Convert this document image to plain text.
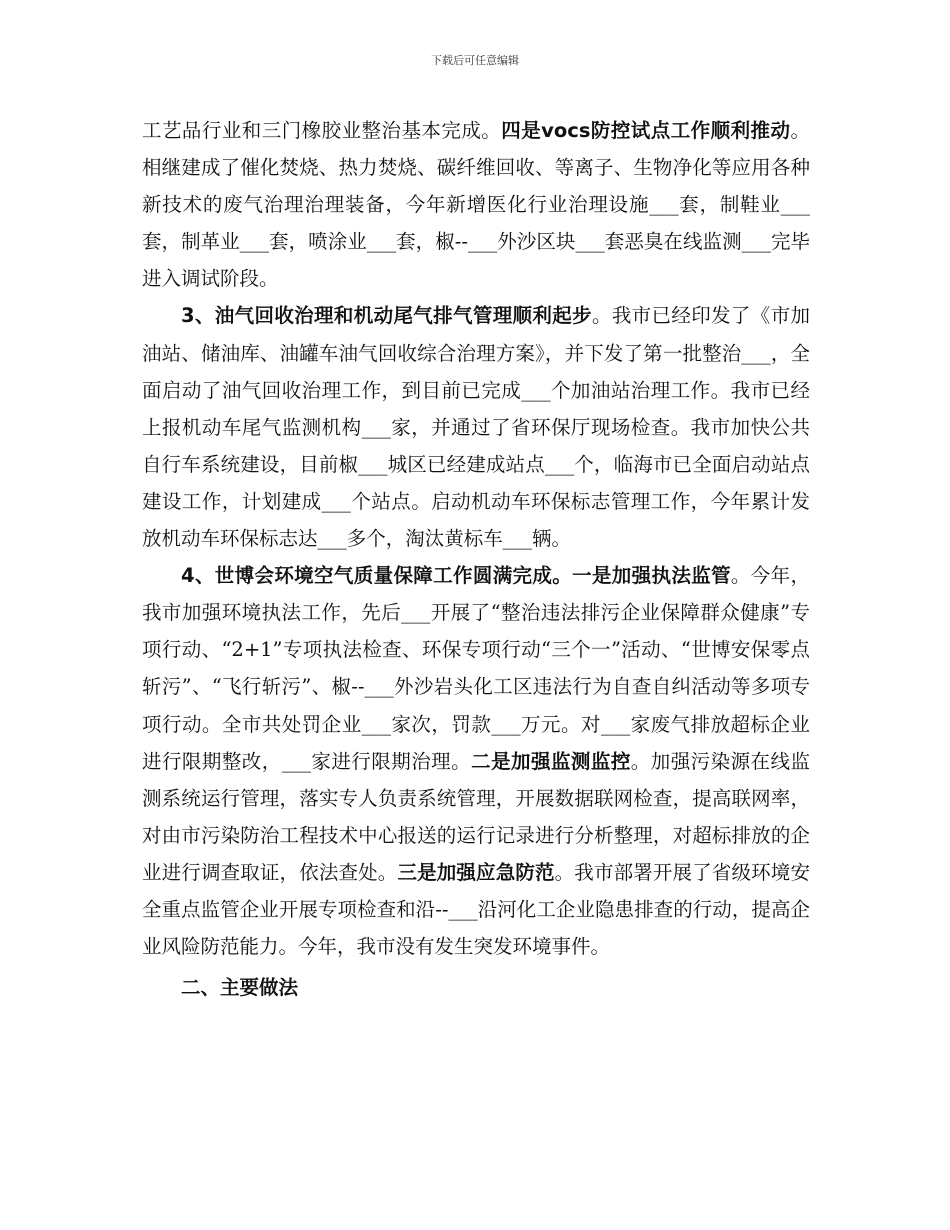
下载后可任意编辑

工艺品行业和三门橡胶业整治基本完成。四是vocs防控试点工作顺利推动。相继建成了催化焚烧、热力焚烧、碳纤维回收、等离子、生物净化等应用各种新技术的废气治理治理装备，今年新增医化行业治理设施___套，制鞋业___套，制革业___套，喷涂业___套，椒--___外沙区块___套恶臭在线监测___完毕进入调试阶段。

3、油气回收治理和机动尾气排气管理顺利起步。我市已经印发了《市加油站、储油库、油罐车油气回收综合治理方案》，并下发了第一批整治___，全面启动了油气回收治理工作，到目前已完成___个加油站治理工作。我市已经上报机动车尾气监测机构___家，并通过了省环保厅现场检查。我市加快公共自行车系统建设，目前椒___城区已经建成站点___个，临海市已全面启动站点建设工作，计划建成___个站点。启动机动车环保标志管理工作，今年累计发放机动车环保标志达___多个，淘汰黄标车___辆。

4、世博会环境空气质量保障工作圆满完成。一是加强执法监管。今年，我市加强环境执法工作，先后___开展了“整治违法排污企业保障群众健康”专项行动、“2+1”专项执法检查、环保专项行动“三个一”活动、“世博安保零点斩污”、“飞行斩污”、椒--___外沙岩头化工区违法行为自查自纠活动等多项专项行动。全市共处罚企业___家次，罚款___万元。对___家废气排放超标企业进行限期整改，___家进行限期治理。二是加强监测监控。加强污染源在线监测系统运行管理，落实专人负责系统管理，开展数据联网检查，提高联网率，对由市污染防治工程技术中心报送的运行记录进行分析整理，对超标排放的企业进行调查取证，依法查处。三是加强应急防范。我市部署开展了省级环境安全重点监管企业开展专项检查和沿--___沿河化工企业隐患排查的行动，提高企业风险防范能力。今年，我市没有发生突发环境事件。

二、主要做法
